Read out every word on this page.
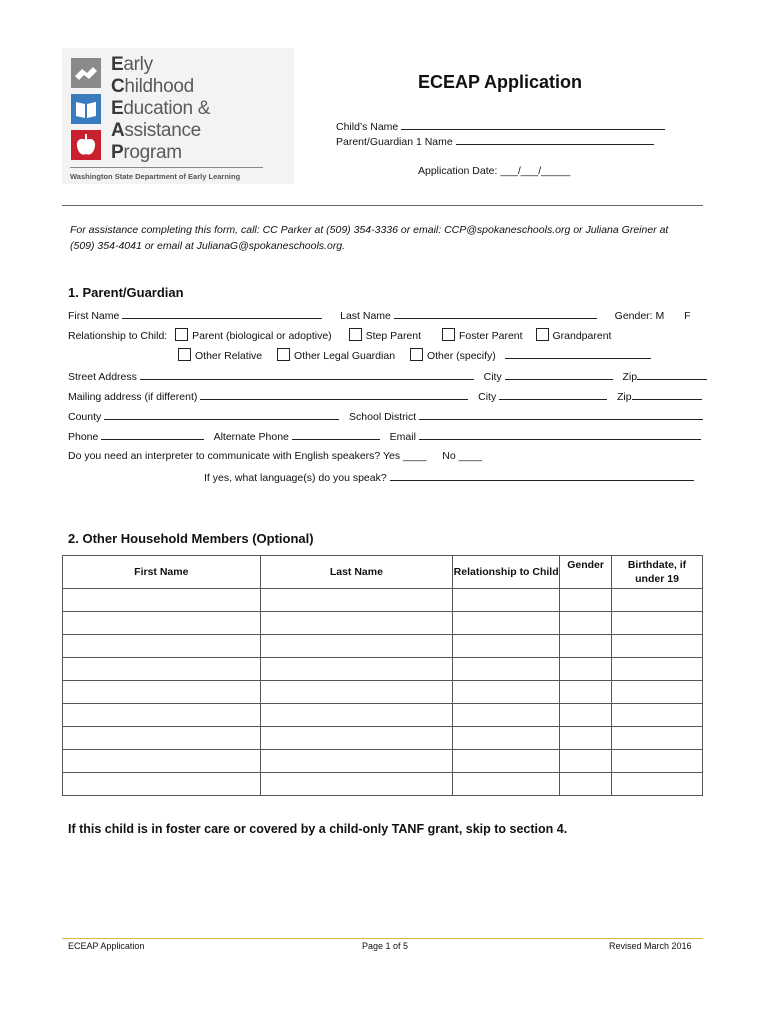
Early
Childhood
Education &
Assistance
Program
Washington State Department of Early Learning
ECEAP Application
Child’s Name
Parent/Guardian 1 Name
Application Date: ___/___/_____
For assistance completing this form, call: CC Parker at (509) 354-3336 or email: CCP@spokaneschools.org or Juliana Greiner at (509) 354-4041 or email at JulianaG@spokaneschools.org.
1. Parent/Guardian
First Name	Last Name	Gender: M F
Relationship to Child: Parent (biological or adoptive)	Step Parent	Foster Parent	Grandparent
Other Relative	Other Legal Guardian	Other (specify)
Street Address	City	Zip
Mailing address (if different)	City	Zip
County	School District
Phone	Alternate Phone	Email
Do you need an interpreter to communicate with English speakers? Yes ____ No ____
If yes, what language(s) do you speak?
2. Other Household Members (Optional)
First Name	Last Name	Relationship to Child	Gender	Birthdate, if under 19

If this child is in foster care or covered by a child-only TANF grant, skip to section 4.
ECEAP Application	Page 1 of 5	Revised March 2016
